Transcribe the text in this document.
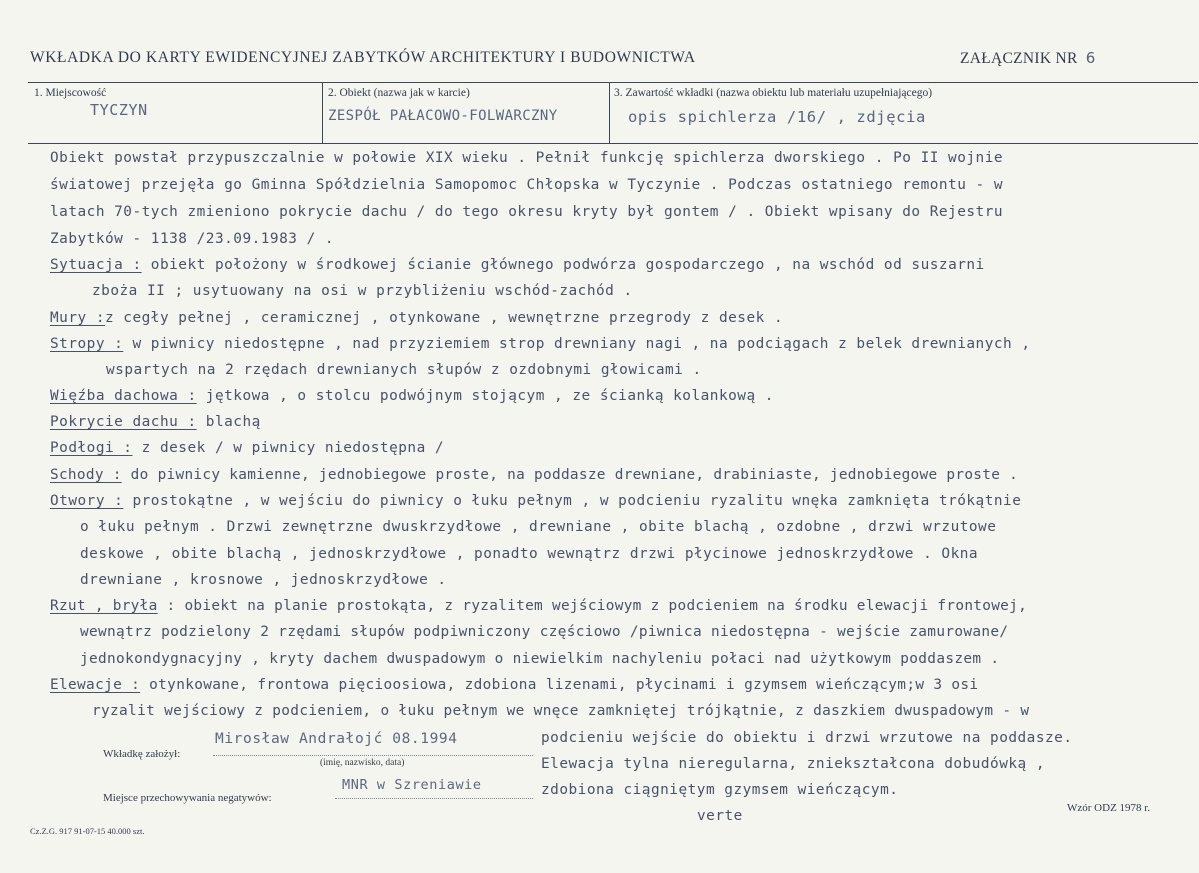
WKŁADKA DO KARTY EWIDENCYJNEJ ZABYTKÓW ARCHITEKTURY I BUDOWNICTWA	ZAŁĄCZNIK NR 6
1. Miejscowość
TYCZYN
2. Obiekt (nazwa jak w karcie)
ZESPÓŁ PAŁACOWO-FOLWARCZNY
3. Zawartość wkładki (nazwa obiektu lub materiału uzupełniającego)
opis spichlerza /16/ , zdjęcia
Obiekt powstał przypuszczalnie w połowie XIX wieku . Pełnił funkcję spichlerza dworskiego . Po II wojnie
światowej przejęła go Gminna Spółdzielnia Samopomoc Chłopska w Tyczynie . Podczas ostatniego remontu - w
latach 70-tych zmieniono pokrycie dachu / do tego okresu kryty był gontem / . Obiekt wpisany do Rejestru
Zabytków - 1138 /23.09.1983 / .
Sytuacja : obiekt położony w środkowej ścianie głównego podwórza gospodarczego , na wschód od suszarni
zboża II ; usytuowany na osi w przybliżeniu wschód-zachód .
Mury :z cegły pełnej , ceramicznej , otynkowane , wewnętrzne przegrody z desek .
Stropy : w piwnicy niedostępne , nad przyziemiem strop drewniany nagi , na podciągach z belek drewnianych ,
wspartych na 2 rzędach drewnianych słupów z ozdobnymi głowicami .
Więźba dachowa : jętkowa , o stolcu podwójnym stojącym , ze ścianką kolankową .
Pokrycie dachu : blachą
Podłogi : z desek / w piwnicy niedostępna /
Schody : do piwnicy kamienne, jednobiegowe proste, na poddasze drewniane, drabiniaste, jednobiegowe proste .
Otwory : prostokątne , w wejściu do piwnicy o łuku pełnym , w podcieniu ryzalitu wnęka zamknięta trókątnie
o łuku pełnym . Drzwi zewnętrzne dwuskrzydłowe , drewniane , obite blachą , ozdobne , drzwi wrzutowe
deskowe , obite blachą , jednoskrzydłowe , ponadto wewnątrz drzwi płycinowe jednoskrzydłowe . Okna
drewniane , krosnowe , jednoskrzydłowe .
Rzut , bryła : obiekt na planie prostokąta, z ryzalitem wejściowym z podcieniem na środku elewacji frontowej,
wewnątrz podzielony 2 rzędami słupów podpiwniczony częściowo /piwnica niedostępna - wejście zamurowane/
jednokondygnacyjny , kryty dachem dwuspadowym o niewielkim nachyleniu połaci nad użytkowym poddaszem .
Elewacje : otynkowane, frontowa pięcioosiowa, zdobiona lizenami, płycinami i gzymsem wieńczącym;w 3 osi
ryzalit wejściowy z podcieniem, o łuku pełnym we wnęce zamkniętej trójkątnie, z daszkiem dwuspadowym - w
podcieniu wejście do obiektu i drzwi wrzutowe na poddasze.
Elewacja tylna nieregularna, zniekształcona dobudówką ,
zdobiona ciągniętym gzymsem wieńczącym.
Wkładkę założył:
Mirosław Andrałojć 08.1994
(imię, nazwisko, data)
Miejsce przechowywania negatywów:
MNR w Szreniawie
verte
Cz.Z.G. 917 91-07-15 40.000 szt.
Wzór ODZ 1978 r.
